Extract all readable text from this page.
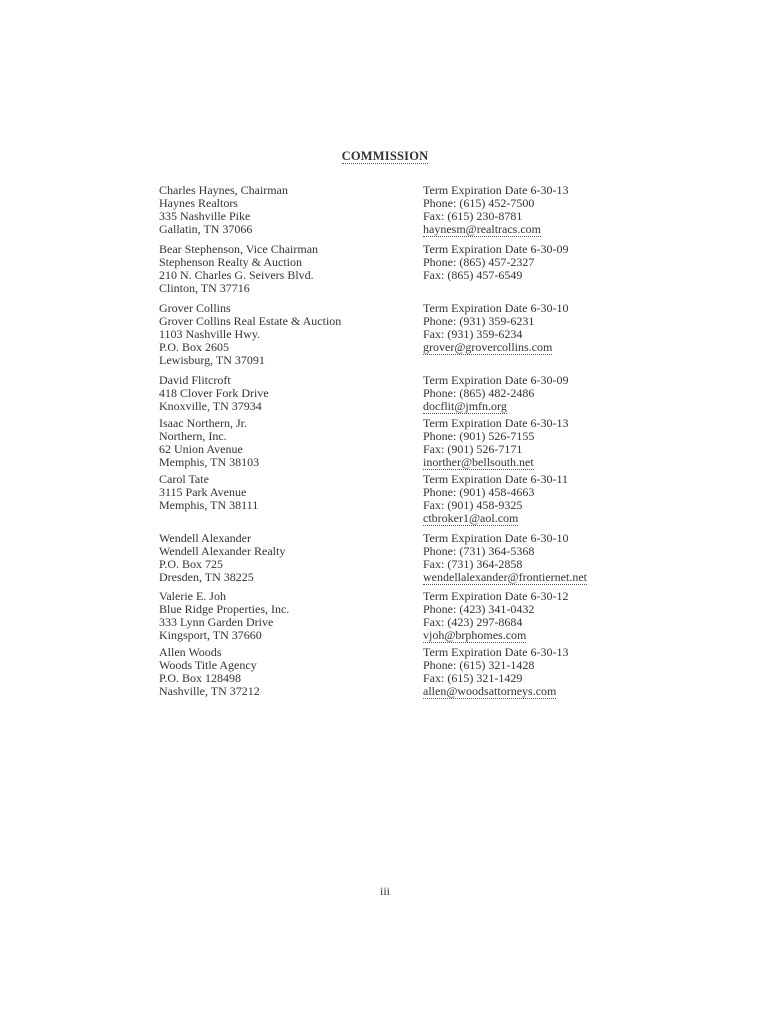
COMMISSION
Charles Haynes, Chairman
Haynes Realtors
335 Nashville Pike
Gallatin, TN 37066
Term Expiration Date 6-30-13
Phone: (615) 452-7500
Fax: (615) 230-8781
haynesm@realtracs.com
Bear Stephenson, Vice Chairman
Stephenson Realty & Auction
210 N. Charles G. Seivers Blvd.
Clinton, TN 37716
Term Expiration Date 6-30-09
Phone: (865) 457-2327
Fax: (865) 457-6549
Grover Collins
Grover Collins Real Estate & Auction
1103 Nashville Hwy.
P.O. Box 2605
Lewisburg, TN 37091
Term Expiration Date 6-30-10
Phone: (931) 359-6231
Fax: (931) 359-6234
grover@grovercollins.com
David Flitcroft
418 Clover Fork Drive
Knoxville, TN 37934
Term Expiration Date 6-30-09
Phone: (865) 482-2486
docflit@jmfn.org
Isaac Northern, Jr.
Northern, Inc.
62 Union Avenue
Memphis, TN 38103
Term Expiration Date 6-30-13
Phone: (901) 526-7155
Fax: (901) 526-7171
inorther@bellsouth.net
Carol Tate
3115 Park Avenue
Memphis, TN 38111
Term Expiration Date 6-30-11
Phone: (901) 458-4663
Fax: (901) 458-9325
ctbroker1@aol.com
Wendell Alexander
Wendell Alexander Realty
P.O. Box 725
Dresden, TN 38225
Term Expiration Date 6-30-10
Phone: (731) 364-5368
Fax: (731) 364-2858
wendellalexander@frontiernet.net
Valerie E. Joh
Blue Ridge Properties, Inc.
333 Lynn Garden Drive
Kingsport, TN 37660
Term Expiration Date 6-30-12
Phone: (423) 341-0432
Fax: (423) 297-8684
vjoh@brphomes.com
Allen Woods
Woods Title Agency
P.O. Box 128498
Nashville, TN 37212
Term Expiration Date 6-30-13
Phone: (615) 321-1428
Fax: (615) 321-1429
allen@woodsattorneys.com
iii
